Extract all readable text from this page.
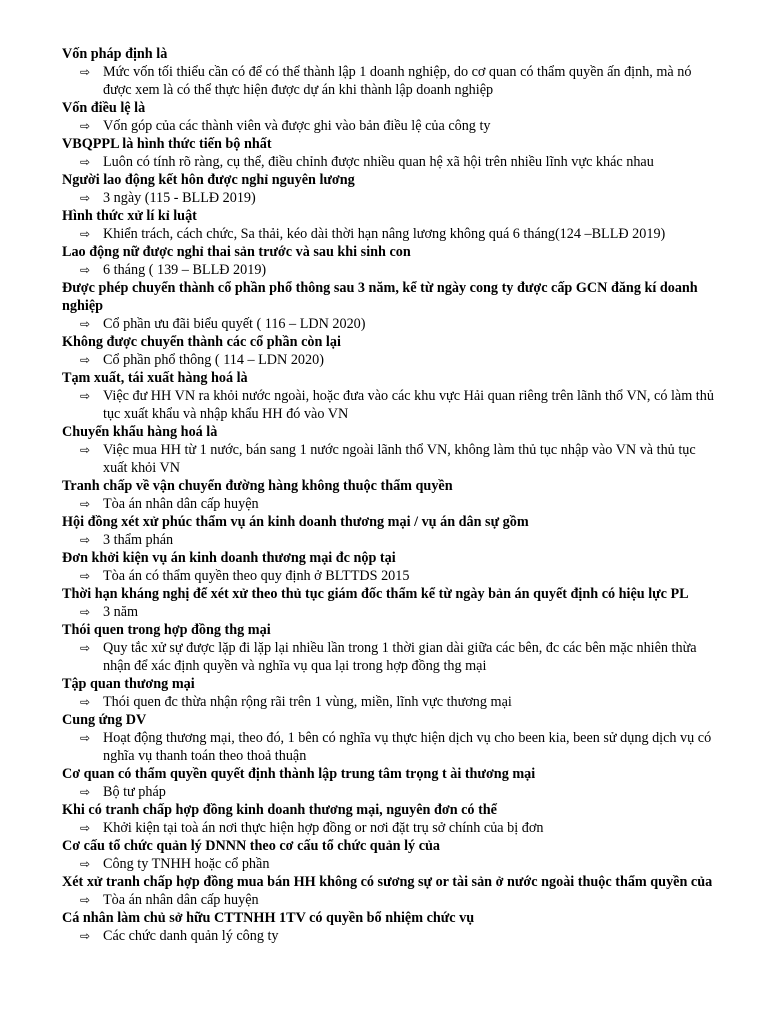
Vốn pháp định là

⇨ Mức vốn tối thiểu cần có để có thể thành lập 1 doanh nghiệp, do cơ quan có thẩm quyền ấn định, mà nó được xem là có thể thực hiện được dự án khi thành lập doanh nghiệp

Vốn điều lệ là

⇨ Vốn góp của các thành viên và được ghi vào bản điều lệ của công ty

VBQPPL là hình thức tiến bộ nhất

⇨ Luôn có tính rõ ràng, cụ thể, điều chỉnh được nhiều quan hệ xã hội trên nhiều lĩnh vực khác nhau

Người lao động kết hôn được nghỉ nguyên lương

⇨ 3 ngày (115 - BLLĐ 2019)

Hình thức xử lí kỉ luật

⇨ Khiển trách, cách chức, Sa thải, kéo dài thời hạn nâng lương không quá 6 tháng(124 –BLLĐ 2019)

Lao động nữ được nghỉ thai sản trước và sau khi sinh con

⇨ 6 tháng ( 139 – BLLĐ 2019)

Được phép chuyển thành cổ phần phổ thông sau 3 năm, kể từ ngày cong ty được cấp GCN đăng kí doanh nghiệp

⇨ Cổ phần ưu đãi biểu quyết ( 116 – LDN 2020)

Không được chuyển thành các cổ phần còn lại

⇨ Cổ phần phổ thông ( 114 – LDN 2020)

Tạm xuất, tái xuất hàng hoá là

⇨ Việc đư HH VN ra khỏi nước ngoài, hoặc đưa vào các khu vực Hải quan riêng trên lãnh thổ VN, có làm thủ tục xuất khẩu và nhập khẩu HH đó vào VN

Chuyển khẩu hàng hoá là

⇨ Việc mua HH từ 1 nước, bán sang 1 nước ngoài lãnh thổ VN, không làm thủ tục nhập vào VN và thủ tục xuất khỏi VN

Tranh chấp về vận chuyển đường hàng không thuộc thẩm quyền

⇨ Tòa án nhân dân cấp huyện

Hội đồng xét xử phúc thẩm vụ án kinh doanh thương mại / vụ án dân sự gồm

⇨ 3 thẩm phán

Đơn khởi kiện vụ án kinh doanh thương mại đc nộp tại

⇨ Tòa án có thẩm quyền theo quy định ở BLTTDS 2015

Thời hạn kháng nghị để xét xử theo thủ tục giám đốc thẩm kể từ ngày bản án quyết định có hiệu lực PL

⇨ 3 năm

Thói quen trong hợp đồng thg mại

⇨ Quy tắc xử sự được lặp đi lặp lại nhiều lần trong 1 thời gian dài giữa các bên, đc các bên mặc nhiên thừa nhận để xác định quyền và nghĩa vụ qua lại trong hợp đồng thg mại

Tập quan thương mại

⇨ Thói quen đc thừa nhận rộng rãi trên 1 vùng, miền, lĩnh vực thương mại

Cung ứng DV

⇨ Hoạt động thương mại, theo đó, 1 bên có nghĩa vụ thực hiện dịch vụ cho been kia, been sử dụng dịch vụ có nghĩa vụ thanh toán theo thoả thuận

Cơ quan có thẩm quyền quyết định thành lập trung tâm trọng t ài thương mại

⇨ Bộ tư pháp

Khi có tranh chấp hợp đồng kinh doanh thương mại, nguyên đơn có thể

⇨ Khởi kiện tại toà án nơi thực hiện hợp đồng or nơi đặt trụ sở chính của bị đơn

Cơ cấu tổ chức quản lý DNNN theo cơ cấu tổ chức quản lý của

⇨ Công ty TNHH hoặc cổ phần

Xét xử tranh chấp hợp đồng mua bán HH không có sương sự or tài sản ở nước ngoài thuộc thẩm quyền của

⇨ Tòa án nhân dân cấp huyện

Cá nhân làm chủ sở hữu CTTNHH 1TV có quyền bổ nhiệm chức vụ

⇨ Các chức danh quản lý công ty
